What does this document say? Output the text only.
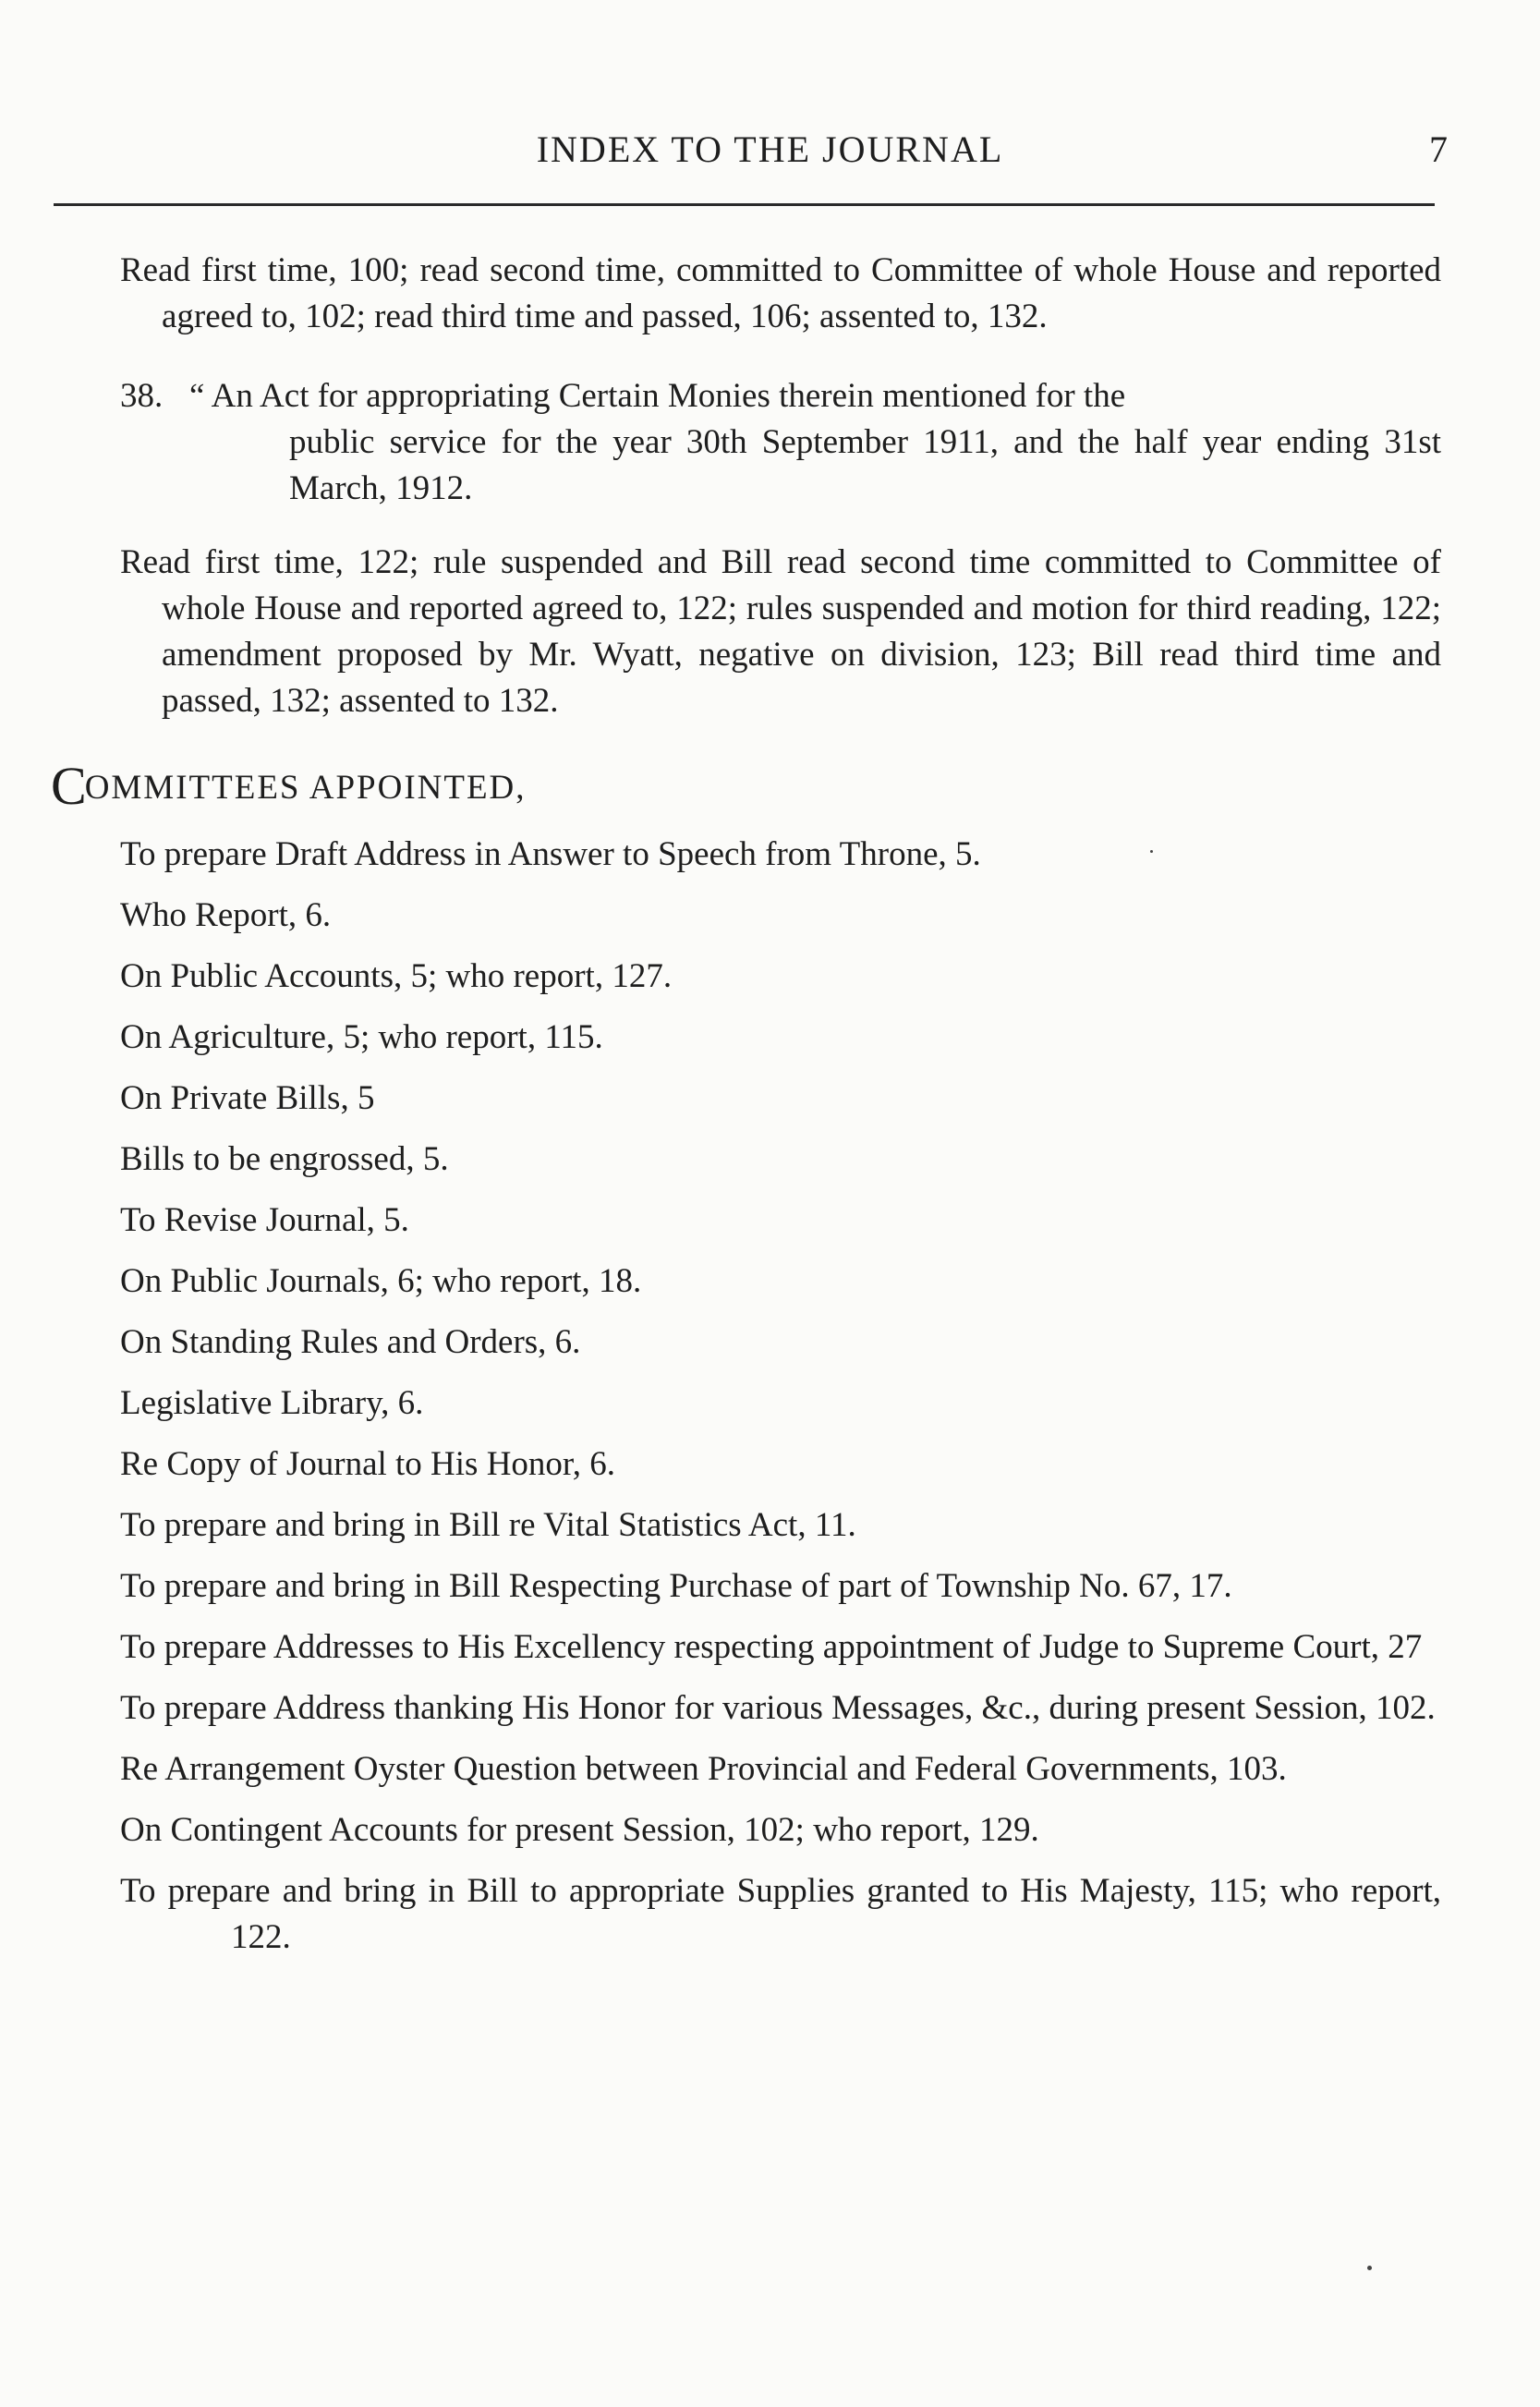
INDEX TO THE JOURNAL	7

Read first time, 100; read second time, committed to Committee of whole House and reported agreed to, 102; read third time and passed, 106; assented to, 132.

38. “ An Act for appropriating Certain Monies therein mentioned for the
public service for the year 30th September 1911, and the half year ending 31st March, 1912.

Read first time, 122; rule suspended and Bill read second time committed to Committee of whole House and reported agreed to, 122; rules suspended and motion for third reading, 122; amendment proposed by Mr. Wyatt, negative on division, 123; Bill read third time and passed, 132; assented to 132.

COMMITTEES APPOINTED,
To prepare Draft Address in Answer to Speech from Throne, 5.
Who Report, 6.
On Public Accounts, 5; who report, 127.
On Agriculture, 5; who report, 115.
On Private Bills, 5
Bills to be engrossed, 5.
To Revise Journal, 5.
On Public Journals, 6; who report, 18.
On Standing Rules and Orders, 6.
Legislative Library, 6.
Re Copy of Journal to His Honor, 6.
To prepare and bring in Bill re Vital Statistics Act, 11.
To prepare and bring in Bill Respecting Purchase of part of Township No. 67, 17.
To prepare Addresses to His Excellency respecting appointment of Judge to Supreme Court, 27
To prepare Address thanking His Honor for various Messages, &c., during present Session, 102.
Re Arrangement Oyster Question between Provincial and Federal Governments, 103.
On Contingent Accounts for present Session, 102; who report, 129.
To prepare and bring in Bill to appropriate Supplies granted to His Majesty, 115; who report, 122.
